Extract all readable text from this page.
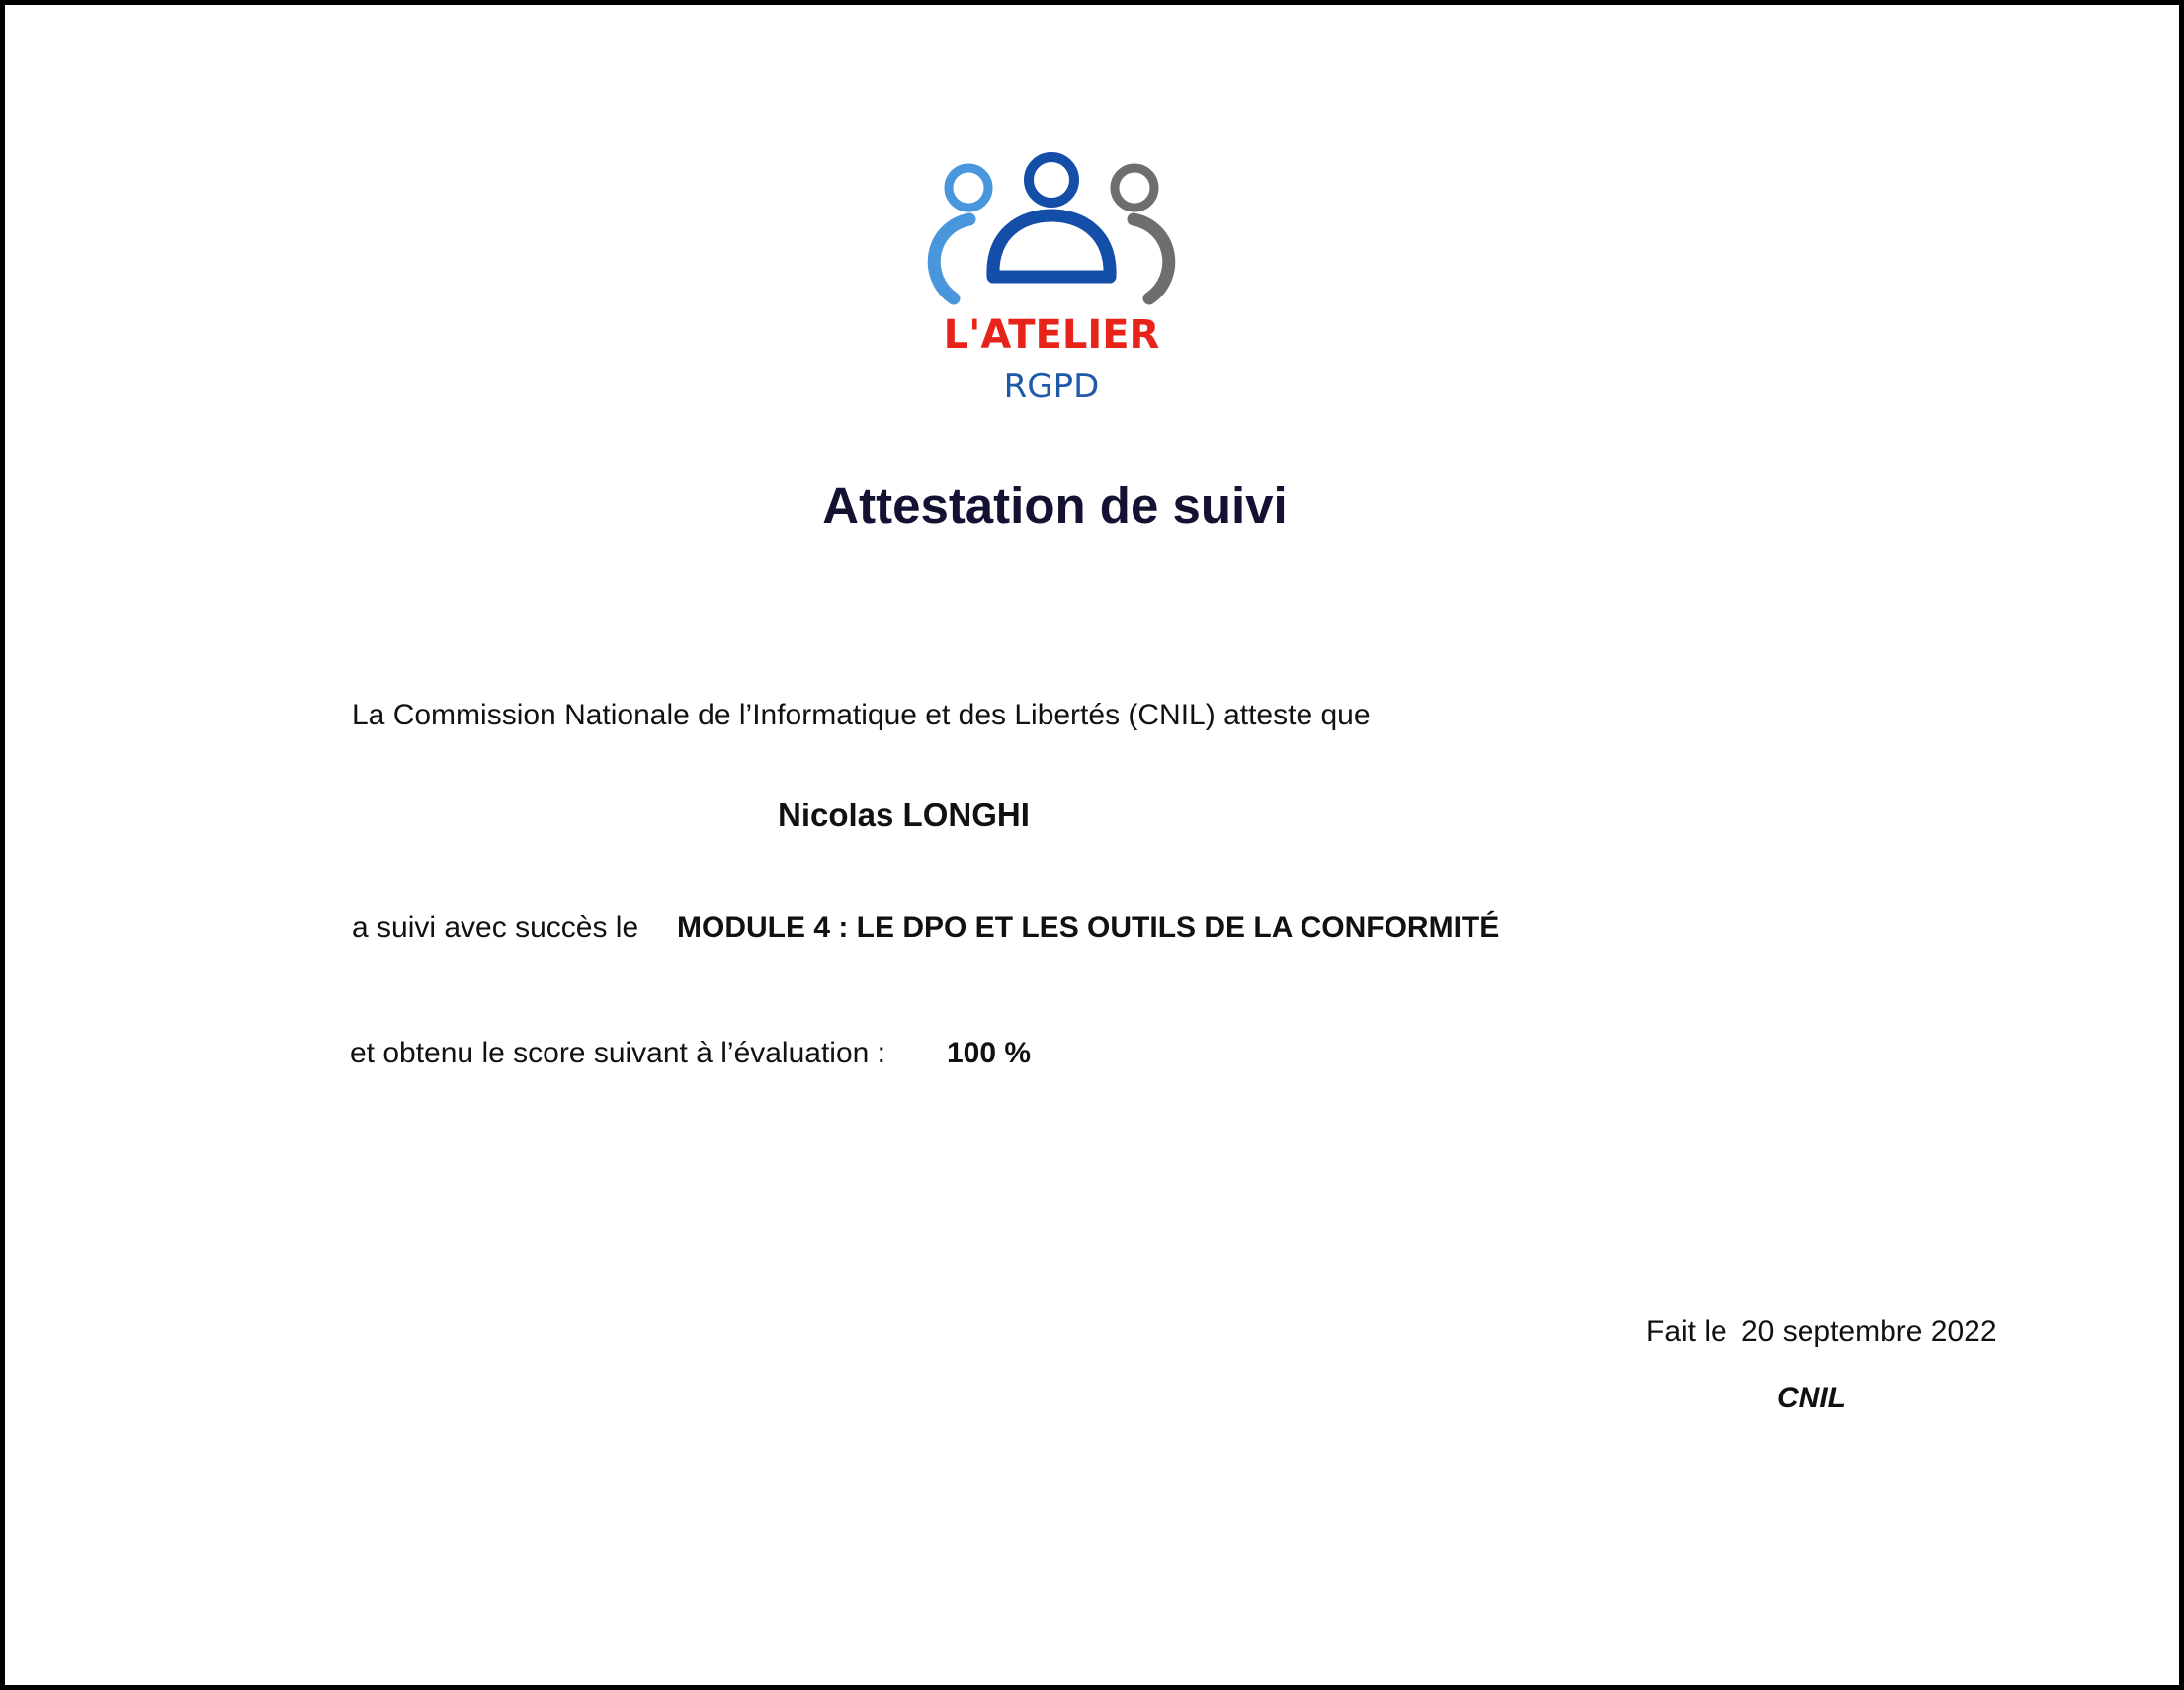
L'ATELIER
RGPD
Attestation de suivi
La Commission Nationale de l’Informatique et des Libertés (CNIL) atteste que
Nicolas LONGHI
a suivi avec succès le MODULE 4 : LE DPO ET LES OUTILS DE LA CONFORMITÉ
et obtenu le score suivant à l’évaluation : 100 %
Fait le 20 septembre 2022
CNIL
